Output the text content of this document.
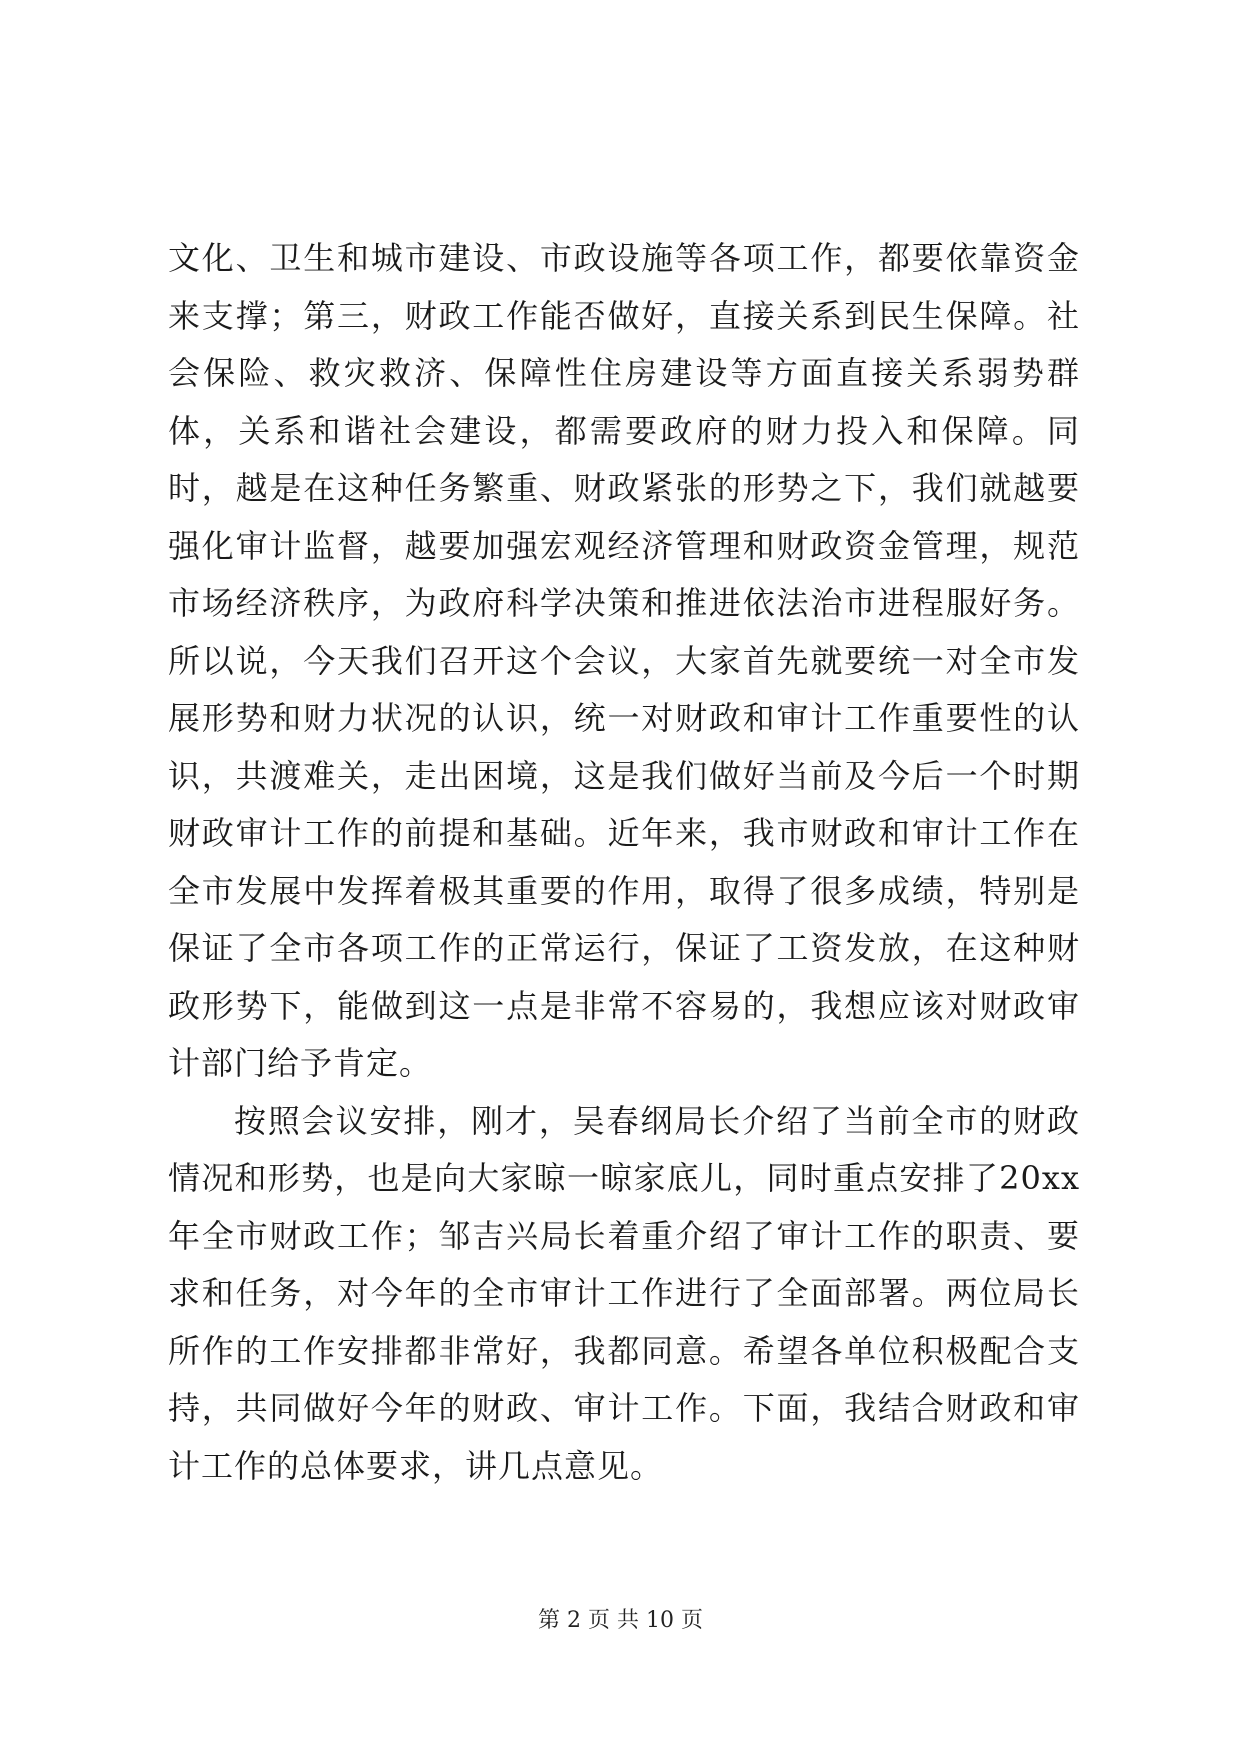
文化、卫生和城市建设、市政设施等各项工作，都要依靠资金来支撑；第三，财政工作能否做好，直接关系到民生保障。社会保险、救灾救济、保障性住房建设等方面直接关系弱势群体，关系和谐社会建设，都需要政府的财力投入和保障。同时，越是在这种任务繁重、财政紧张的形势之下，我们就越要强化审计监督，越要加强宏观经济管理和财政资金管理，规范市场经济秩序，为政府科学决策和推进依法治市进程服好务。所以说，今天我们召开这个会议，大家首先就要统一对全市发展形势和财力状况的认识，统一对财政和审计工作重要性的认识，共渡难关，走出困境，这是我们做好当前及今后一个时期财政审计工作的前提和基础。近年来，我市财政和审计工作在全市发展中发挥着极其重要的作用，取得了很多成绩，特别是保证了全市各项工作的正常运行，保证了工资发放，在这种财政形势下，能做到这一点是非常不容易的，我想应该对财政审计部门给予肯定。

按照会议安排，刚才，吴春纲局长介绍了当前全市的财政情况和形势，也是向大家晾一晾家底儿，同时重点安排了20xx年全市财政工作；邹吉兴局长着重介绍了审计工作的职责、要求和任务，对今年的全市审计工作进行了全面部署。两位局长所作的工作安排都非常好，我都同意。希望各单位积极配合支持，共同做好今年的财政、审计工作。下面，我结合财政和审计工作的总体要求，讲几点意见。

第 2 页 共 10 页
